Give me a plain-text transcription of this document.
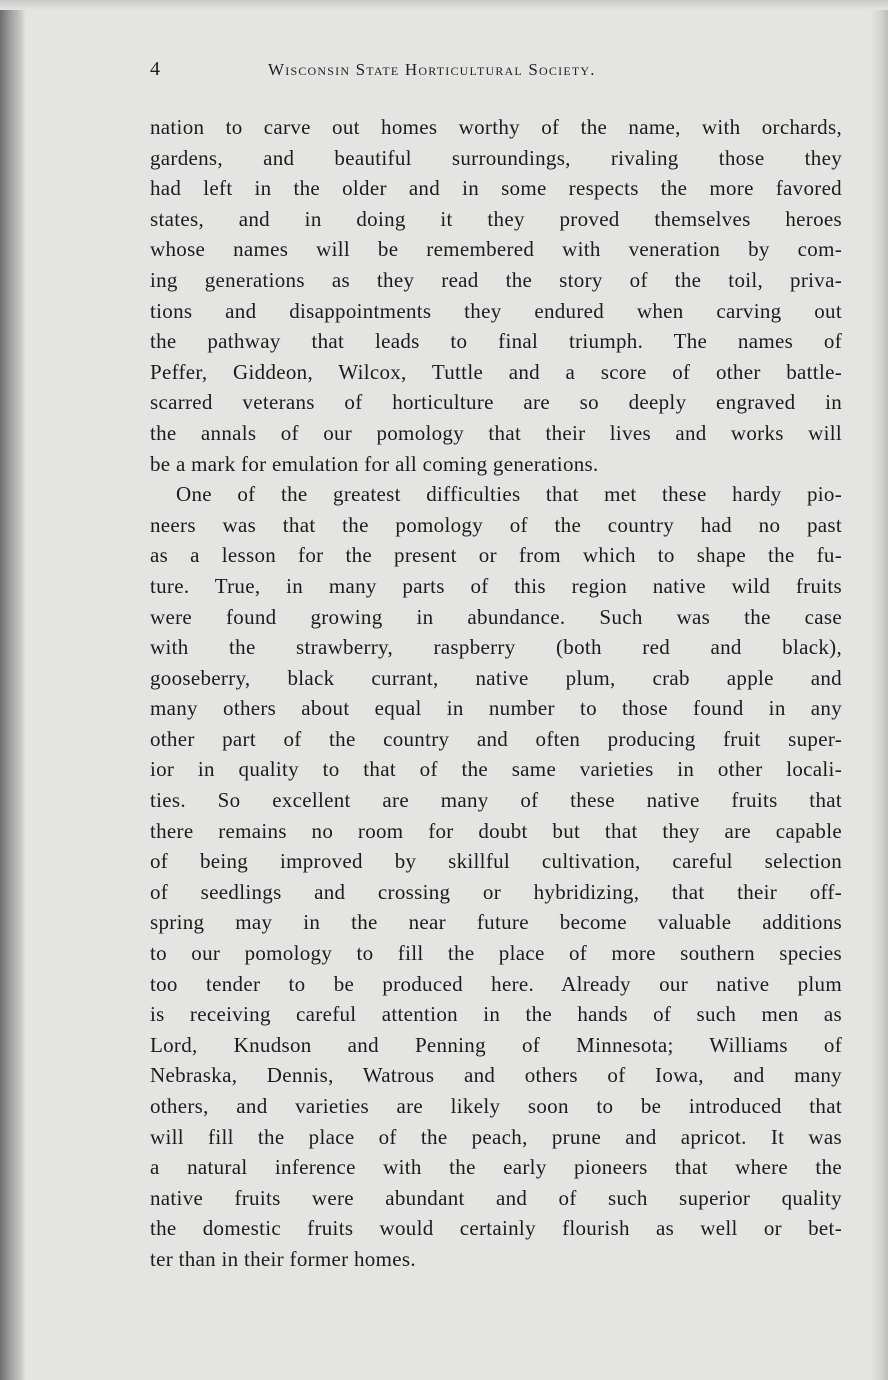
4	Wisconsin State Horticultural Society.
nation to carve out homes worthy of the name, with orchards,
gardens, and beautiful surroundings, rivaling those they
had left in the older and in some respects the more favored
states, and in doing it they proved themselves heroes
whose names will be remembered with veneration by com-
ing generations as they read the story of the toil, priva-
tions and disappointments they endured when carving out
the pathway that leads to final triumph. The names of
Peffer, Giddeon, Wilcox, Tuttle and a score of other battle-
scarred veterans of horticulture are so deeply engraved in
the annals of our pomology that their lives and works will
be a mark for emulation for all coming generations.
One of the greatest difficulties that met these hardy pio-
neers was that the pomology of the country had no past
as a lesson for the present or from which to shape the fu-
ture. True, in many parts of this region native wild fruits
were found growing in abundance. Such was the case
with the strawberry, raspberry (both red and black),
gooseberry, black currant, native plum, crab apple and
many others about equal in number to those found in any
other part of the country and often producing fruit super-
ior in quality to that of the same varieties in other locali-
ties. So excellent are many of these native fruits that
there remains no room for doubt but that they are capable
of being improved by skillful cultivation, careful selection
of seedlings and crossing or hybridizing, that their off-
spring may in the near future become valuable additions
to our pomology to fill the place of more southern species
too tender to be produced here. Already our native plum
is receiving careful attention in the hands of such men as
Lord, Knudson and Penning of Minnesota; Williams of
Nebraska, Dennis, Watrous and others of Iowa, and many
others, and varieties are likely soon to be introduced that
will fill the place of the peach, prune and apricot. It was
a natural inference with the early pioneers that where the
native fruits were abundant and of such superior quality
the domestic fruits would certainly flourish as well or bet-
ter than in their former homes.
